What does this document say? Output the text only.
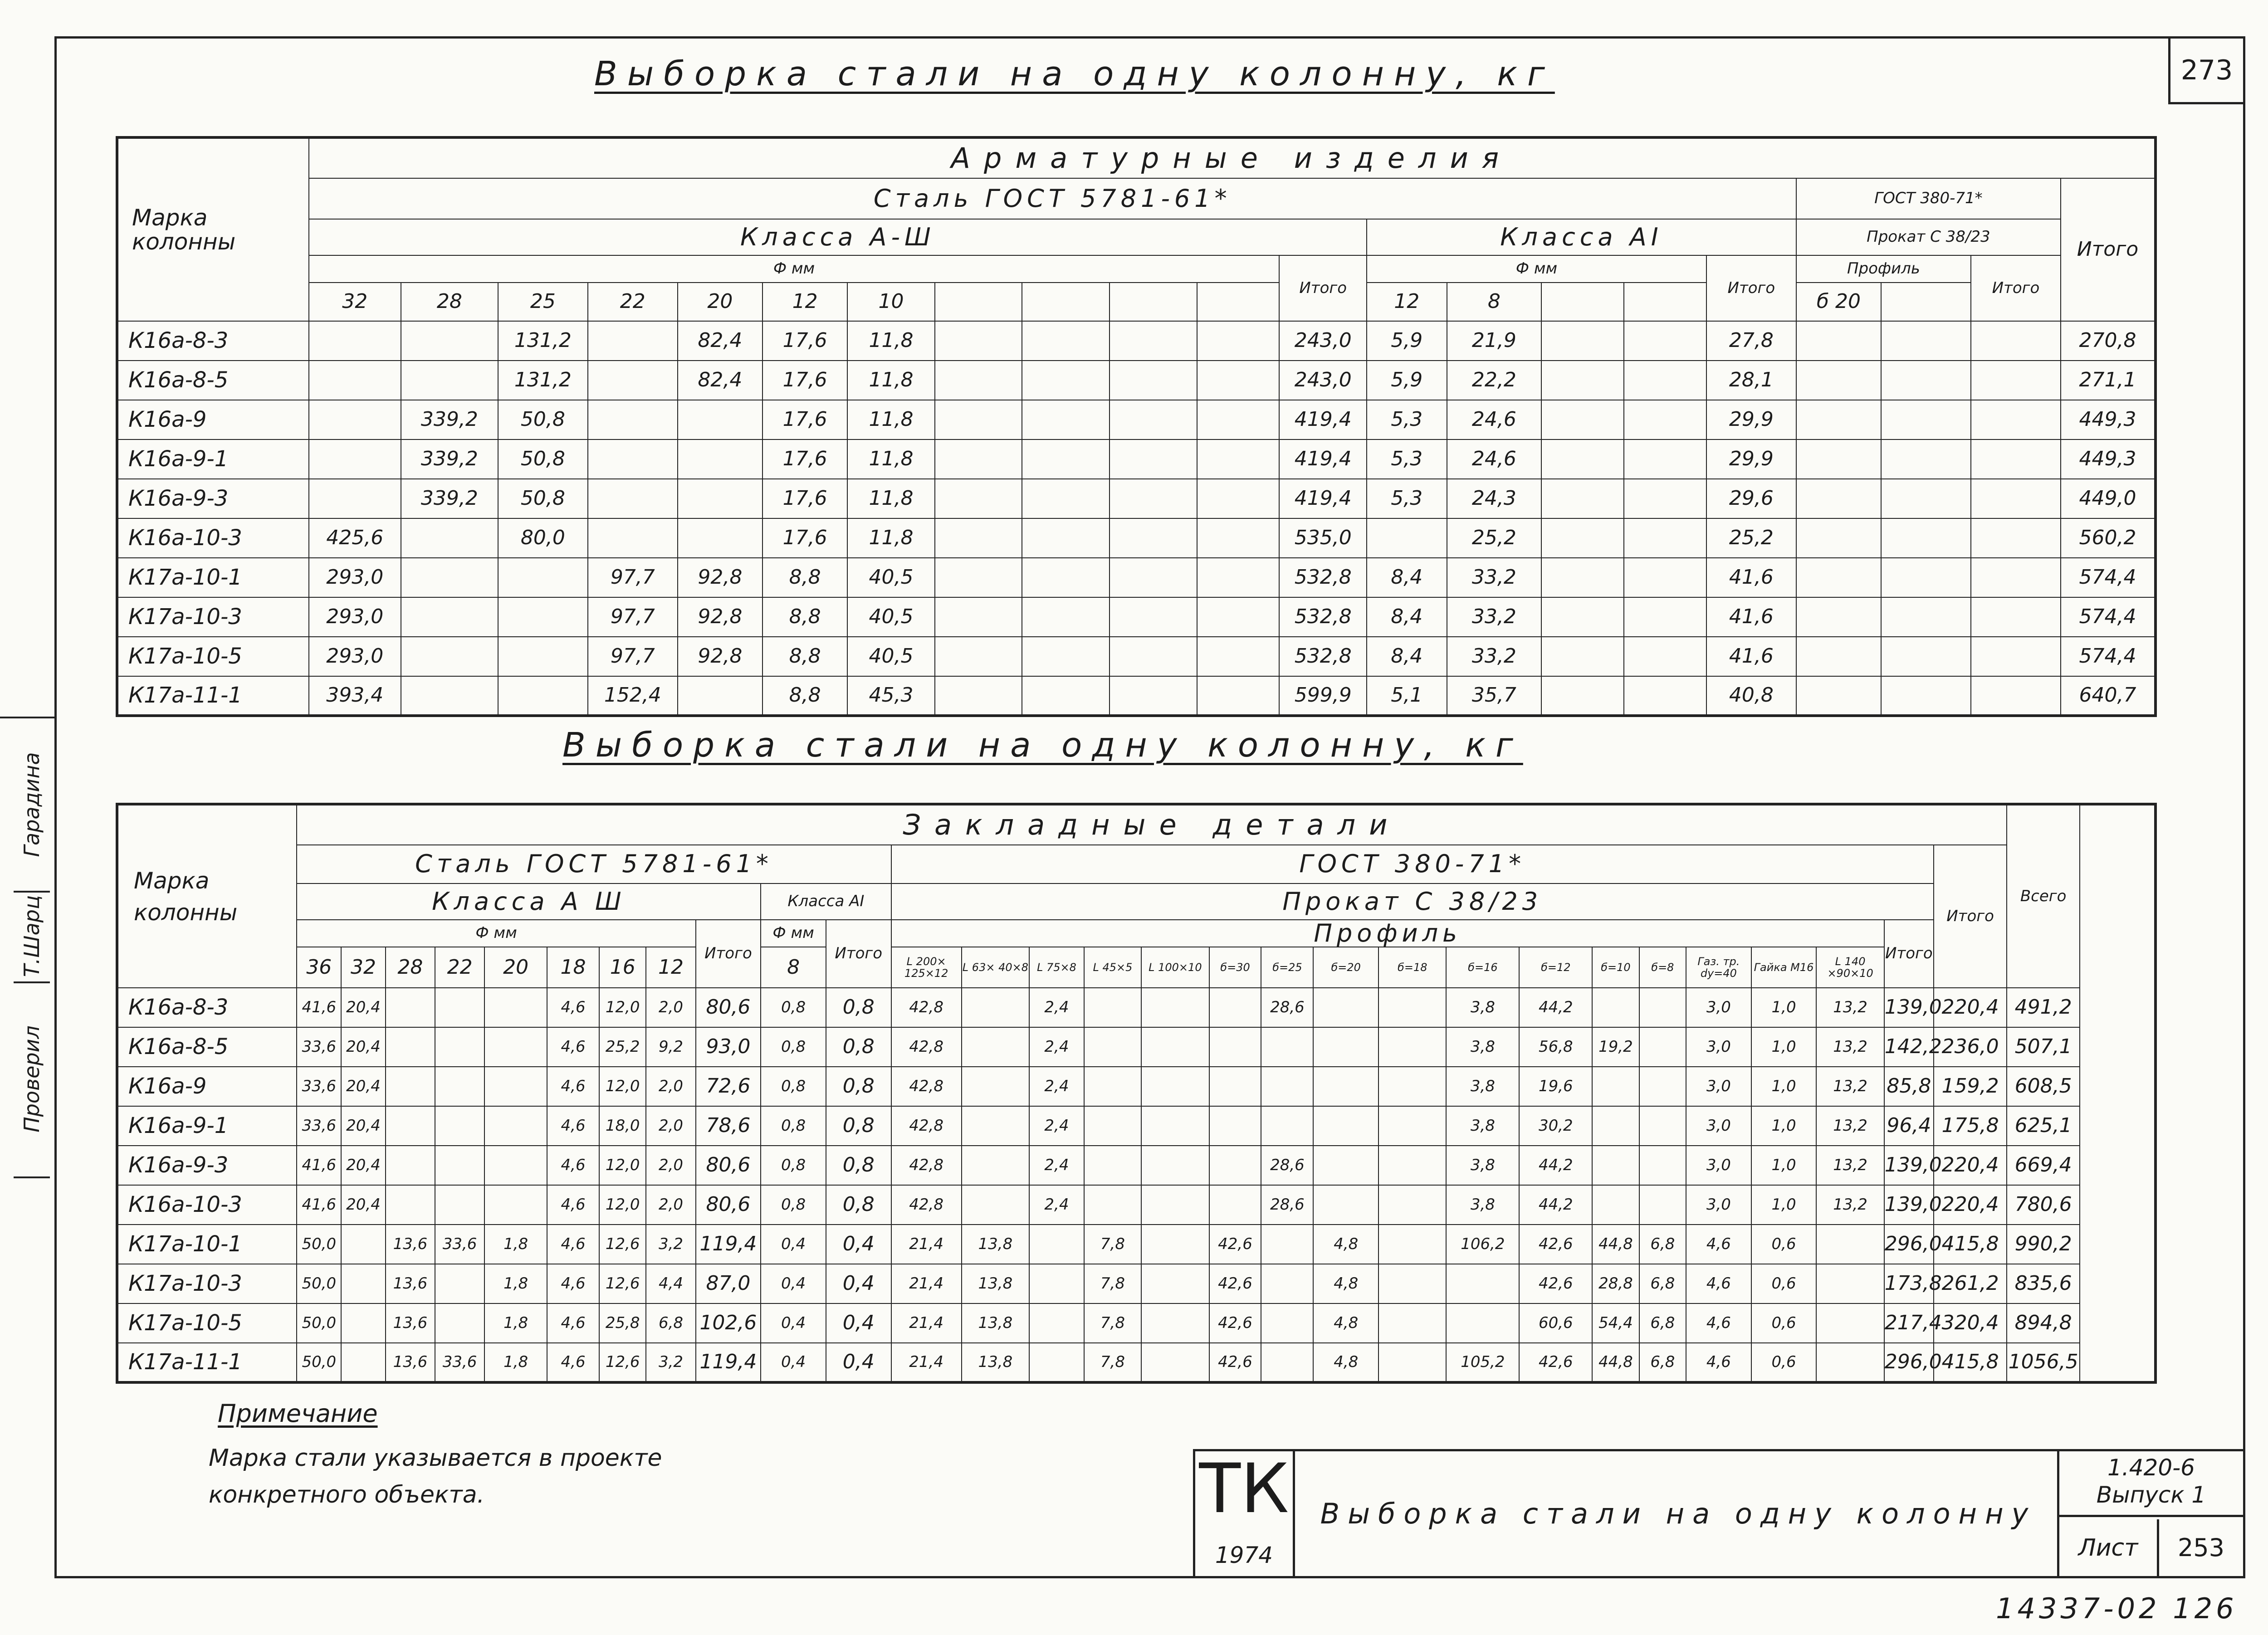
273
Гарадина
Т.Шарц
Проверил
Выборка стали на одну колонну, кг
Марка колонны	Арматурные изделия																				
	Сталь ГОСТ 5781-61*																	ГОСТ 380-71*			Итого
	Класса А-Ш												Класса АI					Прокат С 38/23			
	Ф мм											Итого	Ф мм				Итого	Профиль		Итого	
	32	28	25	22	20	12	10						12	8				б 20			
К16а-8-3			131,2		82,4	17,6	11,8					243,0	5,9	21,9			27,8				270,8
К16а-8-5			131,2		82,4	17,6	11,8					243,0	5,9	22,2			28,1				271,1
К16а-9		339,2	50,8			17,6	11,8					419,4	5,3	24,6			29,9				449,3
К16а-9-1		339,2	50,8			17,6	11,8					419,4	5,3	24,6			29,9				449,3
К16а-9-3		339,2	50,8			17,6	11,8					419,4	5,3	24,3			29,6				449,0
К16а-10-3	425,6		80,0			17,6	11,8					535,0		25,2			25,2				560,2
К17а-10-1	293,0			97,7	92,8	8,8	40,5					532,8	8,4	33,2			41,6				574,4
К17а-10-3	293,0			97,7	92,8	8,8	40,5					532,8	8,4	33,2			41,6				574,4
К17а-10-5	293,0			97,7	92,8	8,8	40,5					532,8	8,4	33,2			41,6				574,4
К17а-11-1	393,4			152,4		8,8	45,3					599,9	5,1	35,7			40,8				640,7
Выборка стали на одну колонну, кг
Марка колонны	Закладные детали																													Всего
	Сталь ГОСТ 5781-61*											ГОСТ 380-71*																	Итого	
	Класса А Ш									Класса АI		Прокат С 38/23																		
	Ф мм								Итого	Ф мм	Итого	Профиль																Итого		
	36	32	28	22	20	18	16	12		8		L 200× 125×12	L 63× 40×8	L 75×8	L 45×5	L 100×10	б=30	б=25	б=20	б=18	б=16	б=12	б=10	б=8	Газ. тр. dу=40	Гайка М16	L 140 ×90×10			
К16а-8-3	41,6	20,4				4,6	12,0	2,0	80,6	0,8	0,8	42,8		2,4				28,6			3,8	44,2			3,0	1,0	13,2	139,0	220,4	491,2
К16а-8-5	33,6	20,4				4,6	25,2	9,2	93,0	0,8	0,8	42,8		2,4							3,8	56,8	19,2		3,0	1,0	13,2	142,2	236,0	507,1
К16а-9	33,6	20,4				4,6	12,0	2,0	72,6	0,8	0,8	42,8		2,4							3,8	19,6			3,0	1,0	13,2	85,8	159,2	608,5
К16а-9-1	33,6	20,4				4,6	18,0	2,0	78,6	0,8	0,8	42,8		2,4							3,8	30,2			3,0	1,0	13,2	96,4	175,8	625,1
К16а-9-3	41,6	20,4				4,6	12,0	2,0	80,6	0,8	0,8	42,8		2,4				28,6			3,8	44,2			3,0	1,0	13,2	139,0	220,4	669,4
К16а-10-3	41,6	20,4				4,6	12,0	2,0	80,6	0,8	0,8	42,8		2,4				28,6			3,8	44,2			3,0	1,0	13,2	139,0	220,4	780,6
К17а-10-1	50,0		13,6	33,6	1,8	4,6	12,6	3,2	119,4	0,4	0,4	21,4	13,8		7,8		42,6		4,8		106,2	42,6	44,8	6,8	4,6	0,6		296,0	415,8	990,2
К17а-10-3	50,0		13,6		1,8	4,6	12,6	4,4	87,0	0,4	0,4	21,4	13,8		7,8		42,6		4,8			42,6	28,8	6,8	4,6	0,6		173,8	261,2	835,6
К17а-10-5	50,0		13,6		1,8	4,6	25,8	6,8	102,6	0,4	0,4	21,4	13,8		7,8		42,6		4,8			60,6	54,4	6,8	4,6	0,6		217,4	320,4	894,8
К17а-11-1	50,0		13,6	33,6	1,8	4,6	12,6	3,2	119,4	0,4	0,4	21,4	13,8		7,8		42,6		4,8		105,2	42,6	44,8	6,8	4,6	0,6		296,0	415,8	1056,5
Примечание
Марка стали указывается в проекте конкретного объекта.	ТК
1974
Выборка стали на одну колонну
1.420-6
Выпуск 1
Лист	253
14337-02 126
